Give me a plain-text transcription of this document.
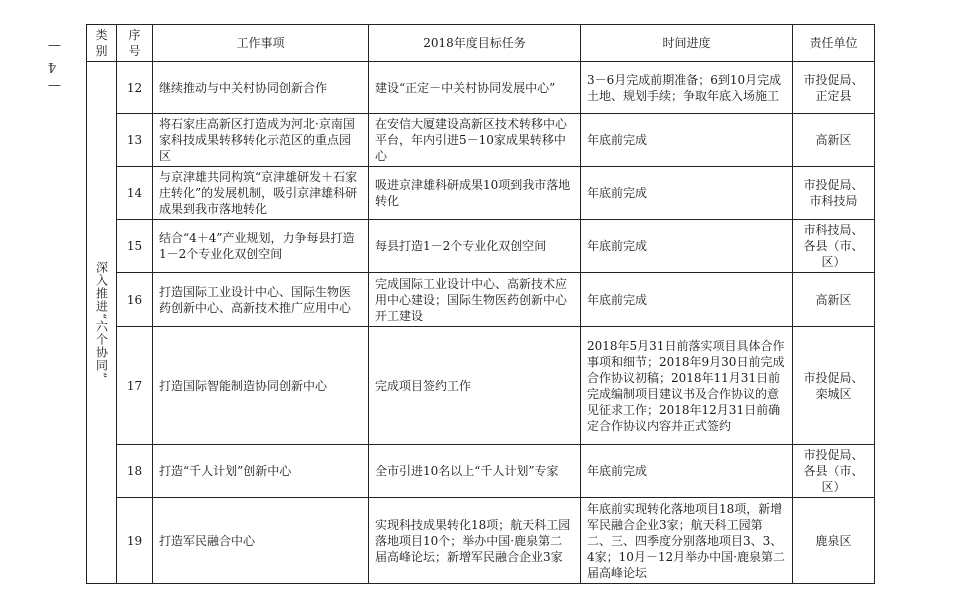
—
4
—
类别	序号	工作事项	2018年度目标任务	时间进度	责任单位
深入推进“六个协同”	12	继续推动与中关村协同创新合作	建设“正定－中关村协同发展中心”	3－6月完成前期准备；6到10月完成土地、规划手续；争取年底入场施工	市投促局、正定县
	13	将石家庄高新区打造成为河北·京南国家科技成果转移转化示范区的重点园区	在安信大厦建设高新区技术转移中心平台，年内引进5－10家成果转移中心	年底前完成	高新区
	14	与京津雄共同构筑“京津雄研发＋石家庄转化”的发展机制，吸引京津雄科研成果到我市落地转化	吸进京津雄科研成果10项到我市落地转化	年底前完成	市投促局、市科技局
	15	结合“4＋4”产业规划，力争每县打造1－2个专业化双创空间	每县打造1－2个专业化双创空间	年底前完成	市科技局、各县（市、区）
	16	打造国际工业设计中心、国际生物医药创新中心、高新技术推广应用中心	完成国际工业设计中心、高新技术应用中心建设；国际生物医药创新中心开工建设	年底前完成	高新区
	17	打造国际智能制造协同创新中心	完成项目签约工作	2018年5月31日前落实项目具体合作事项和细节；2018年9月30日前完成合作协议初稿；2018年11月31日前完成编制项目建议书及合作协议的意见征求工作；2018年12月31日前确定合作协议内容并正式签约	市投促局、栾城区
	18	打造“千人计划”创新中心	全市引进10名以上“千人计划”专家	年底前完成	市投促局、各县（市、区）
	19	打造军民融合中心	实现科技成果转化18项；航天科工园落地项目10个；举办中国·鹿泉第二届高峰论坛；新增军民融合企业3家	年底前实现转化落地项目18项，新增军民融合企业3家；航天科工园第二、三、四季度分别落地项目3、3、4家；10月－12月举办中国·鹿泉第二届高峰论坛	鹿泉区
